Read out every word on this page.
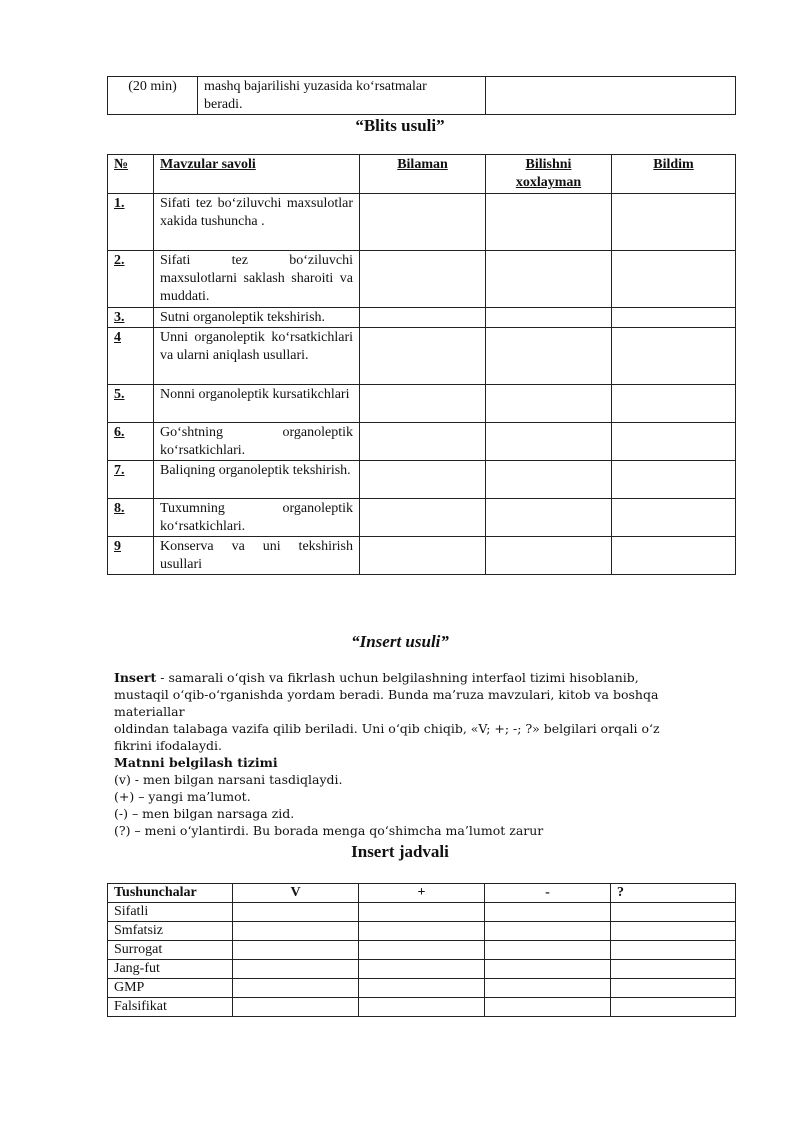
(20 min)	mashq bajarilishi yuzasida ko‘rsatmalar
beradi.	
“Blits usuli”
№	Mavzular savoli	Bilaman	Bilishni xoxlayman	Bildim
1.	Sifati tez bo‘ziluvchi maxsulotlar xakida tushuncha .			
2.	Sifati tez bo‘ziluvchi maxsulotlarni saklash sharoiti va muddati.			
3.	Sutni organoleptik tekshirish.			
4	Unni organoleptik ko‘rsatkichlari va ularni aniqlash usullari.			
5.	Nonni organoleptik kursatikchlari			
6.	Go‘shtning organoleptik ko‘rsatkichlari.			
7.	Baliqning organoleptik tekshirish.			
8.	Tuxumning organoleptik ko‘rsatkichlari.			
9	Konserva va uni tekshirish usullari			
“Insert usuli”

Insert - samarali o‘qish va fikrlash uchun belgilashning interfaol tizimi hisoblanib,

mustaqil o‘qib-o‘rganishda yordam beradi. Bunda ma’ruza mavzulari, kitob va boshqa materiallar

oldindan talabaga vazifa qilib beriladi. Uni o‘qib chiqib, «V; +; -; ?» belgilari orqali o‘z

fikrini ifodalaydi.

Matnni belgilash tizimi

(v) - men bilgan narsani tasdiqlaydi.

(+) – yangi ma’lumot.

(-) – men bilgan narsaga zid.

(?) – meni o‘ylantirdi. Bu borada menga qo‘shimcha ma’lumot zarur

Insert jadvali
Tushunchalar	V	+	-	?
Sifatli				
Smfatsiz				
Surrogat				
Jang-fut				
GMP				
Falsifikat				
